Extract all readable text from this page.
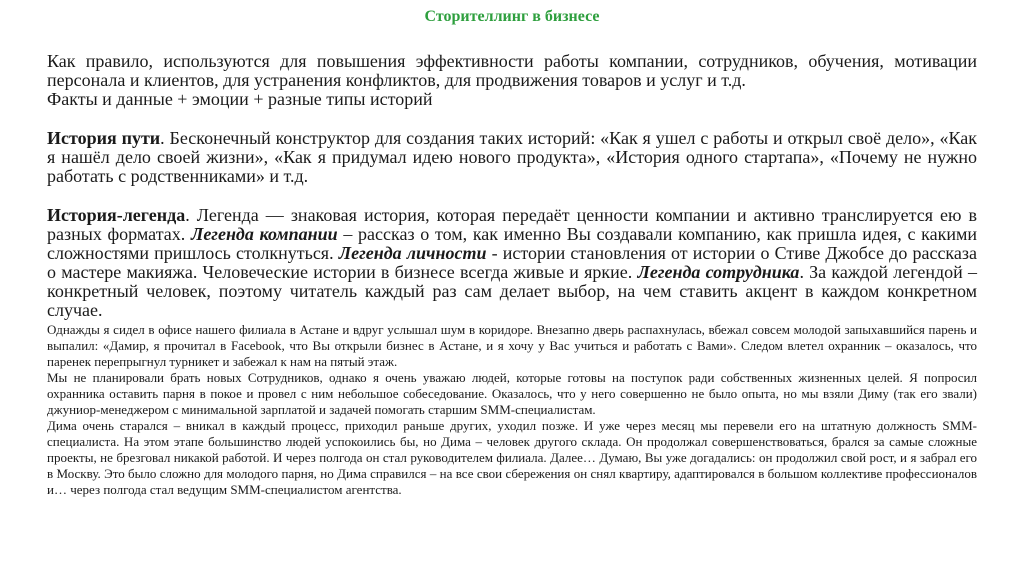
Сторителлинг в бизнесе

Как правило, используются для повышения эффективности работы компании, сотрудников, обучения, мотивации персонала и клиентов, для устранения конфликтов, для продвижения товаров и услуг и т.д.

Факты и данные + эмоции + разные типы историй

История пути. Бесконечный конструктор для создания таких историй: «Как я ушел с работы и открыл своё дело», «Как я нашёл дело своей жизни», «Как я придумал идею нового продукта», «История одного стартапа», «Почему не нужно работать с родственниками» и т.д.

История-легенда. Легенда — знаковая история, которая передаёт ценности компании и активно транслируется ею в разных форматах. Легенда компании – рассказ о том, как именно Вы создавали компанию, как пришла идея, с какими сложностями пришлось столкнуться. Легенда личности - истории становления от истории о Стиве Джобсе до рассказа о мастере макияжа. Человеческие истории в бизнесе всегда живые и яркие. Легенда сотрудника. За каждой легендой – конкретный человек, поэтому читатель каждый раз сам делает выбор, на чем ставить акцент в каждом конкретном случае.

Однажды я сидел в офисе нашего филиала в Астане и вдруг услышал шум в коридоре. Внезапно дверь распахнулась, вбежал совсем молодой запыхавшийся парень и выпалил: «Дамир, я прочитал в Facebook, что Вы открыли бизнес в Астане, и я хочу у Вас учиться и работать с Вами». Следом влетел охранник – оказалось, что паренек перепрыгнул турникет и забежал к нам на пятый этаж.

Мы не планировали брать новых Сотрудников, однако я очень уважаю людей, которые готовы на поступок ради собственных жизненных целей. Я попросил охранника оставить парня в покое и провел с ним небольшое собеседование. Оказалось, что у него совершенно не было опыта, но мы взяли Диму (так его звали) джуниор-менеджером с минимальной зарплатой и задачей помогать старшим SMM-специалистам.

Дима очень старался – вникал в каждый процесс, приходил раньше других, уходил позже. И уже через месяц мы перевели его на штатную должность SMM-специалиста. На этом этапе большинство людей успокоились бы, но Дима – человек другого склада. Он продолжал совершенствоваться, брался за самые сложные проекты, не брезговал никакой работой. И через полгода он стал руководителем филиала. Далее… Думаю, Вы уже догадались: он продолжил свой рост, и я забрал его в Москву. Это было сложно для молодого парня, но Дима справился – на все свои сбережения он снял квартиру, адаптировался в большом коллективе профессионалов и… через полгода стал ведущим SMM-специалистом агентства.
